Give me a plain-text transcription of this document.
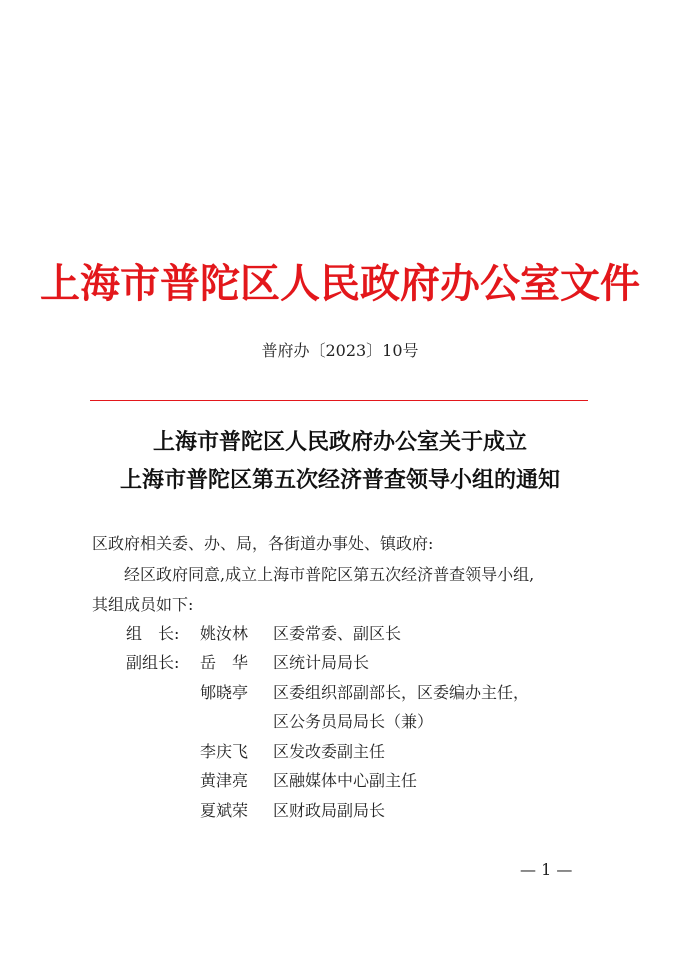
上海市普陀区人民政府办公室文件
普府办〔2023〕10号
上海市普陀区人民政府办公室关于成立
上海市普陀区第五次经济普查领导小组的通知
区政府相关委、办、局，各街道办事处、镇政府:
经区政府同意,成立上海市普陀区第五次经济普查领导小组,
其组成员如下:
组　长: 姚汝林 区委常委、副区长
副组长: 岳　华 区统计局局长
郇晓亭 区委组织部副部长，区委编办主任，
区公务员局局长（兼）
李庆飞 区发改委副主任
黄津亮 区融媒体中心副主任
夏斌荣 区财政局副局长
— 1 —
